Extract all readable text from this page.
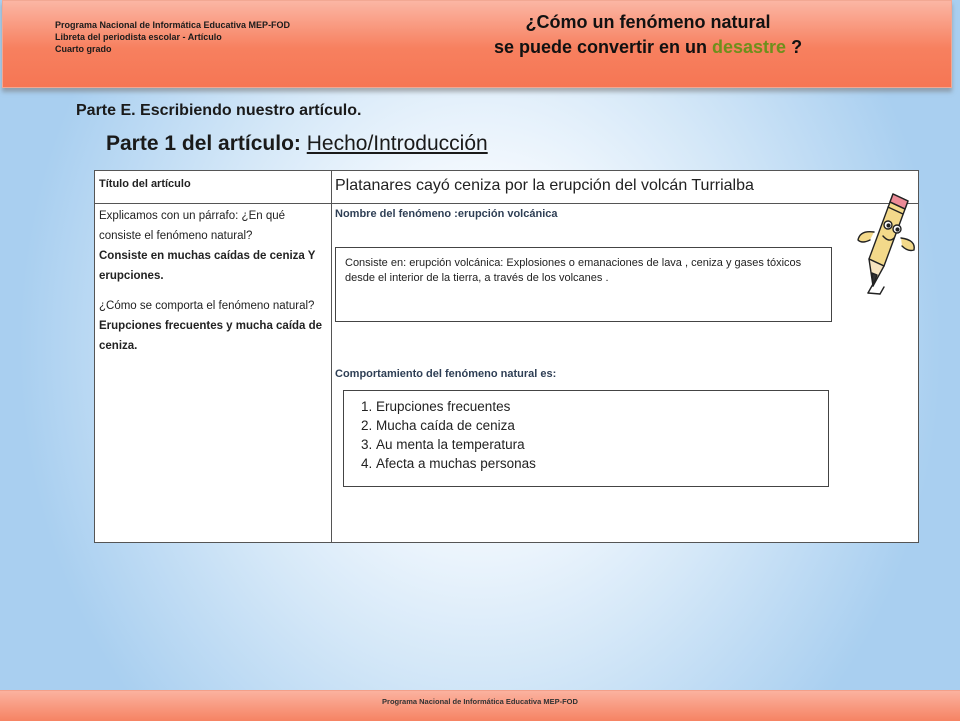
Programa Nacional de Informática Educativa MEP-FOD
Libreta del periodista escolar - Artículo
Cuarto grado
¿Cómo un fenómeno natural
se puede convertir en un desastre ?
Parte E. Escribiendo nuestro artículo.
Parte 1 del artículo: Hecho/Introducción
Título del artículo	Platanares cayó ceniza por la erupción del volcán Turrialba
Explicamos con un párrafo: ¿En qué consiste el fenómeno natural?
Consiste en muchas caídas de ceniza Y erupciones.
¿Cómo se comporta el fenómeno natural?
Erupciones frecuentes y mucha caída de ceniza.
Nombre del fenómeno :erupción volcánica
Comportamiento del fenómeno natural es:
Consiste en: erupción volcánica: Explosiones o emanaciones de lava , ceniza y gases tóxicos desde el interior de la tierra, a través de los volcanes .
1. Erupciones frecuentes
2. Mucha caída de ceniza
3. Au menta la temperatura
4. Afecta a muchas personas
Programa Nacional de Informática Educativa MEP-FOD
